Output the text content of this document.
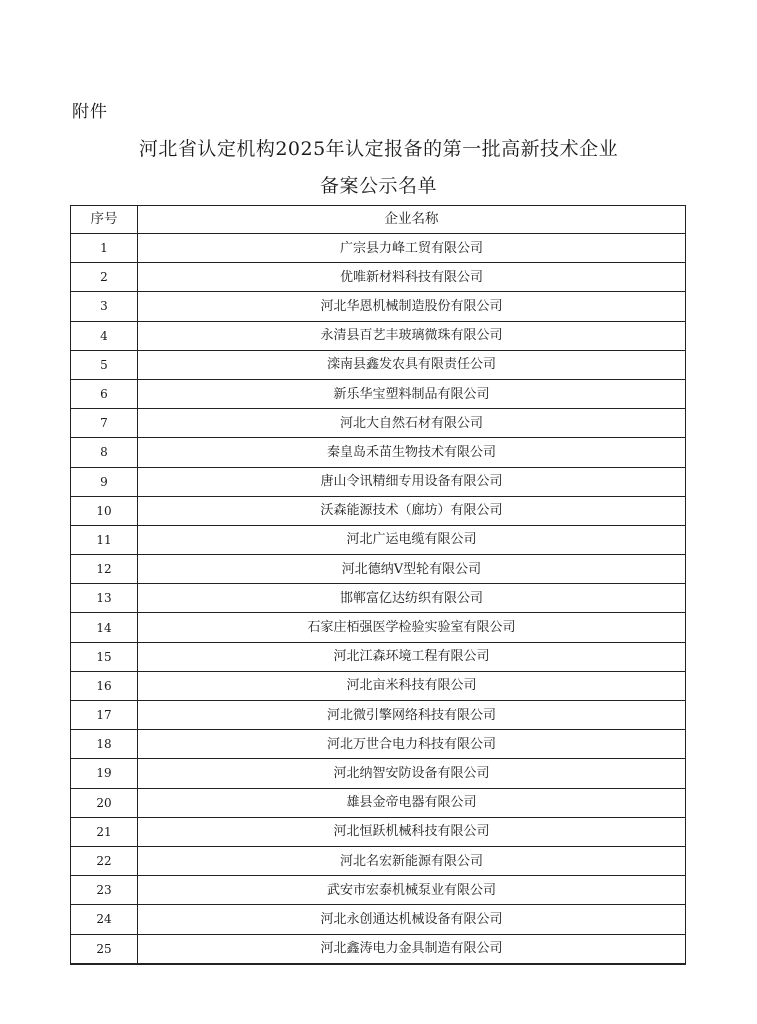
附件
河北省认定机构2025年认定报备的第一批高新技术企业
备案公示名单
序号	企业名称
1	广宗县力峰工贸有限公司
2	优唯新材料科技有限公司
3	河北华恩机械制造股份有限公司
4	永清县百艺丰玻璃微珠有限公司
5	滦南县鑫发农具有限责任公司
6	新乐华宝塑料制品有限公司
7	河北大自然石材有限公司
8	秦皇岛禾苗生物技术有限公司
9	唐山令讯精细专用设备有限公司
10	沃森能源技术（廊坊）有限公司
11	河北广运电缆有限公司
12	河北德纳V型轮有限公司
13	邯郸富亿达纺织有限公司
14	石家庄栢强医学检验实验室有限公司
15	河北江森环境工程有限公司
16	河北亩米科技有限公司
17	河北微引擎网络科技有限公司
18	河北万世合电力科技有限公司
19	河北纳智安防设备有限公司
20	雄县金帝电器有限公司
21	河北恒跃机械科技有限公司
22	河北名宏新能源有限公司
23	武安市宏泰机械泵业有限公司
24	河北永创通达机械设备有限公司
25	河北鑫涛电力金具制造有限公司
